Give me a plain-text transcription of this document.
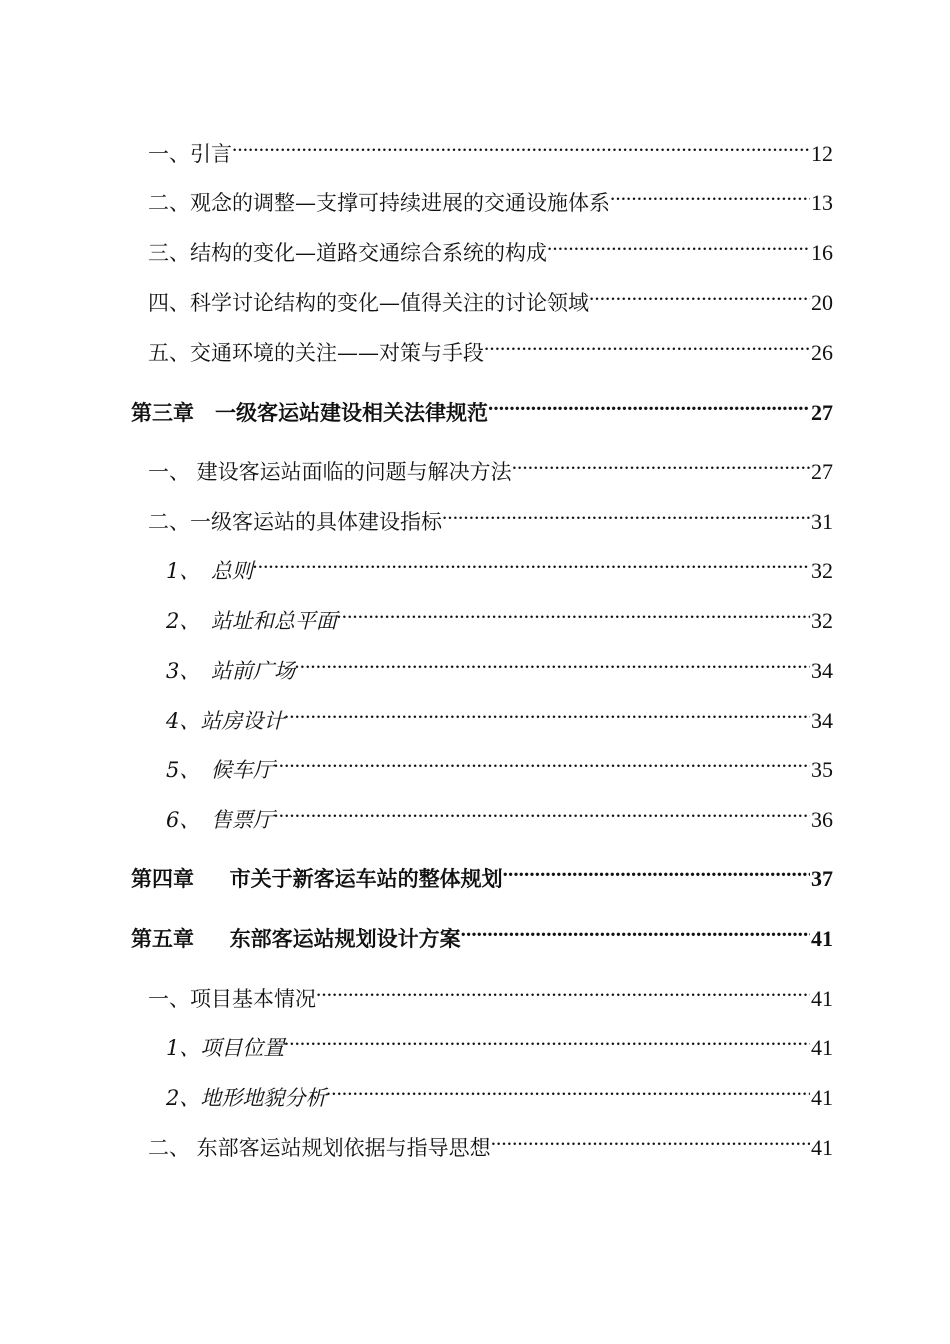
一、引言 .....	12
二、观念的调整—支撑可持续进展的交通设施体系 .....	13
三、结构的变化—道路交通综合系统的构成 .....	16
四、科学讨论结构的变化—值得关注的讨论领域 .....	20
五、交通环境的关注——对策与手段 .....	26
第三章　一级客运站建设相关法律规范 .....	27
一、 建设客运站面临的问题与解决方法 .....	27
二、一级客运站的具体建设指标 .....	31
1、　总则 .....	32
2、　站址和总平面 .....	32
3、　站前广场 .....	34
4、站房设计 .....	34
5、　候车厅 .....	35
6、　售票厅 .....	36
第四章　  市关于新客运车站的整体规划 .....	37
第五章　  东部客运站规划设计方案 .....	41
一、项目基本情况 .....	41
1、项目位置 .....	41
2、地形地貌分析 .....	41
二、 东部客运站规划依据与指导思想 .....	41
